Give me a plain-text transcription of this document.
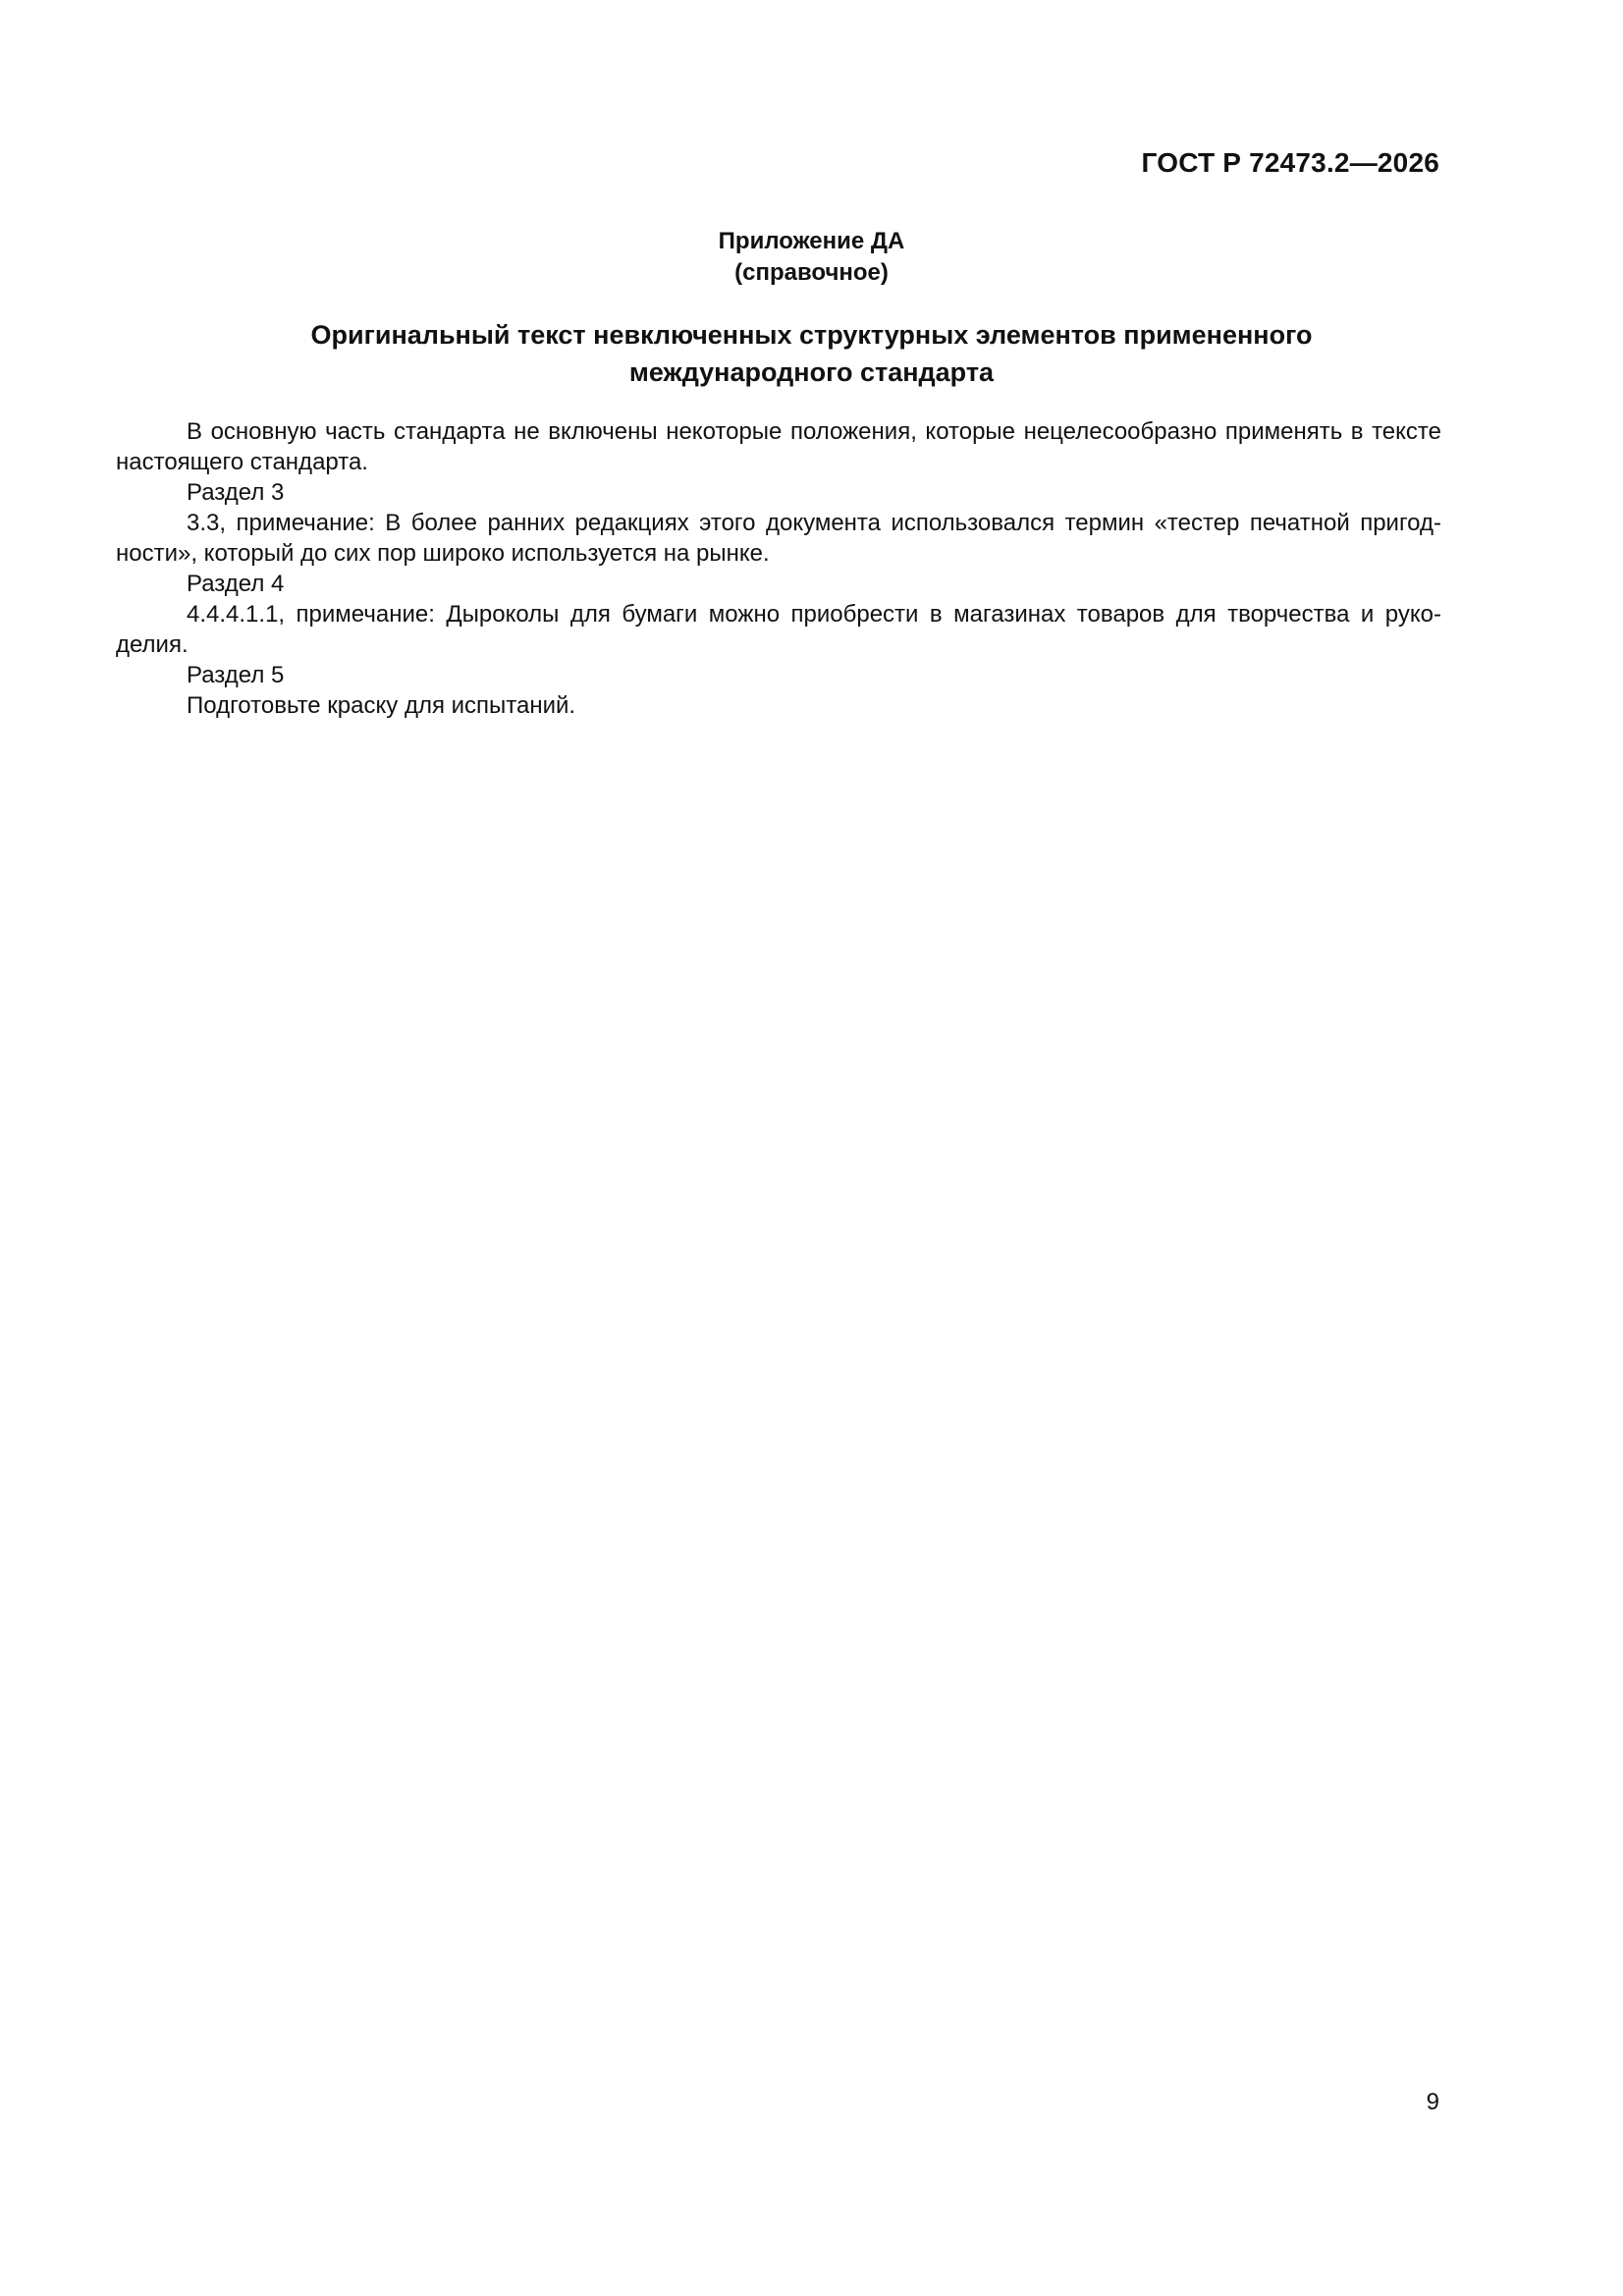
ГОСТ Р 72473.2—2026
Приложение ДА
(справочное)
Оригинальный текст невключенных структурных элементов примененного
международного стандарта

В основную часть стандарта не включены некоторые положения, которые нецелесообразно применять в тексте настоящего стандарта.

Раздел 3

3.3, примечание: В более ранних редакциях этого документа использовался термин «тестер печатной пригодности», который до сих пор широко используется на рынке.

Раздел 4

4.4.4.1.1, примечание: Дыроколы для бумаги можно приобрести в магазинах товаров для творчества и рукоделия.

Раздел 5

Подготовьте краску для испытаний.

9
